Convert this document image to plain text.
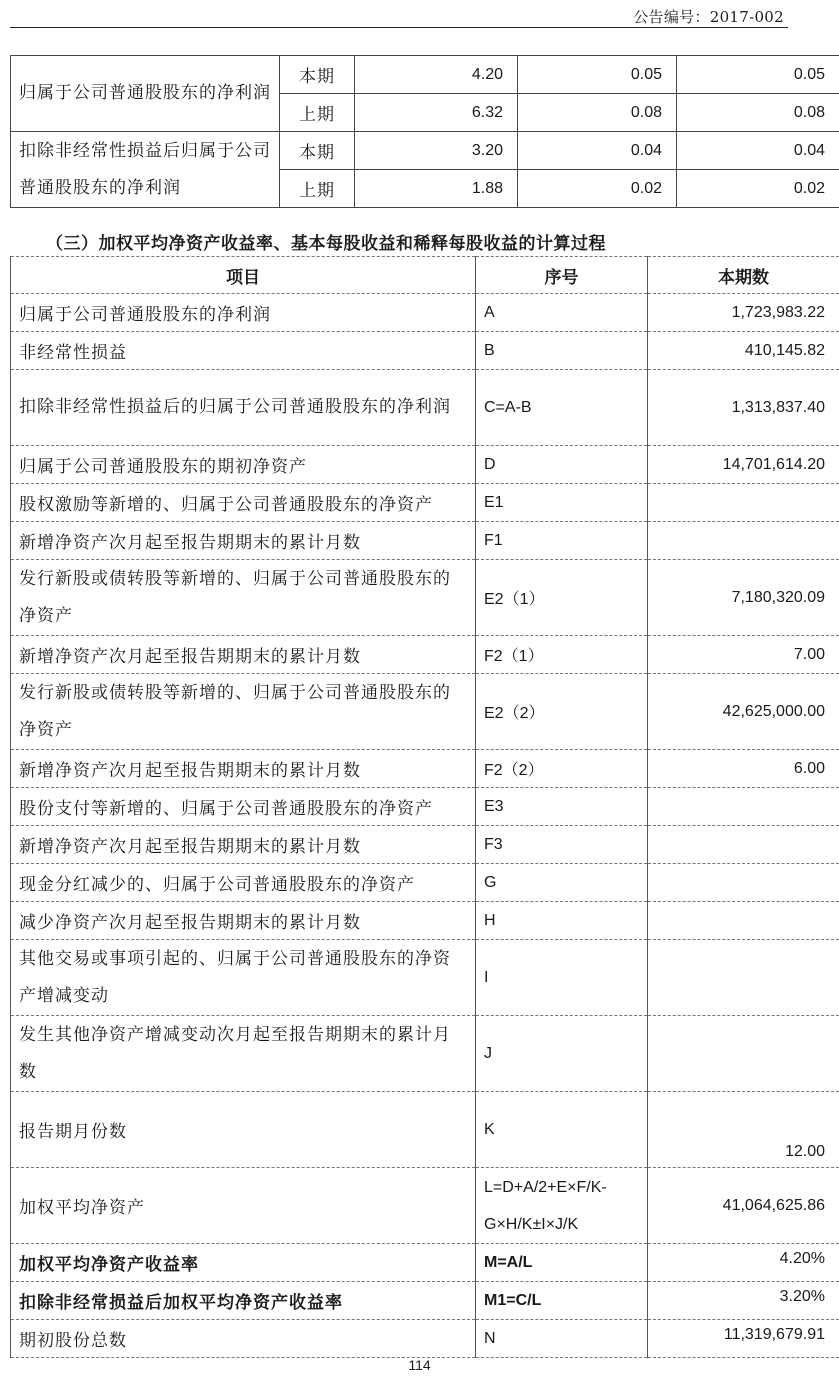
公告编号：2017-002
归属于公司普通股股东的净利润	本期	4.20	0.05	0.05
	上期	6.32	0.08	0.08
扣除非经常性损益后归属于公司普通股股东的净利润	本期	3.20	0.04	0.04
	上期	1.88	0.02	0.02
（三）加权平均净资产收益率、基本每股收益和稀释每股收益的计算过程
项目	序号	本期数
归属于公司普通股股东的净利润	A	1,723,983.22
非经常性损益	B	410,145.82
扣除非经常性损益后的归属于公司普通股股东的净利润	C=A-B	1,313,837.40
归属于公司普通股股东的期初净资产	D	14,701,614.20
股权激励等新增的、归属于公司普通股股东的净资产	E1	
新增净资产次月起至报告期期末的累计月数	F1	
发行新股或债转股等新增的、归属于公司普通股股东的净资产	E2（1）	7,180,320.09
新增净资产次月起至报告期期末的累计月数	F2（1）	7.00
发行新股或债转股等新增的、归属于公司普通股股东的净资产	E2（2）	42,625,000.00
新增净资产次月起至报告期期末的累计月数	F2（2）	6.00
股份支付等新增的、归属于公司普通股股东的净资产	E3	
新增净资产次月起至报告期期末的累计月数	F3	
现金分红减少的、归属于公司普通股股东的净资产	G	
减少净资产次月起至报告期期末的累计月数	H	
其他交易或事项引起的、归属于公司普通股股东的净资产增减变动	I	
发生其他净资产增减变动次月起至报告期期末的累计月数	J	
报告期月份数	K	12.00
加权平均净资产	L=D+A/2+E×F/K-G×H/K±I×J/K	41,064,625.86
加权平均净资产收益率	M=A/L	4.20%
扣除非经常损益后加权平均净资产收益率	M1=C/L	3.20%
期初股份总数	N	11,319,679.91
114
